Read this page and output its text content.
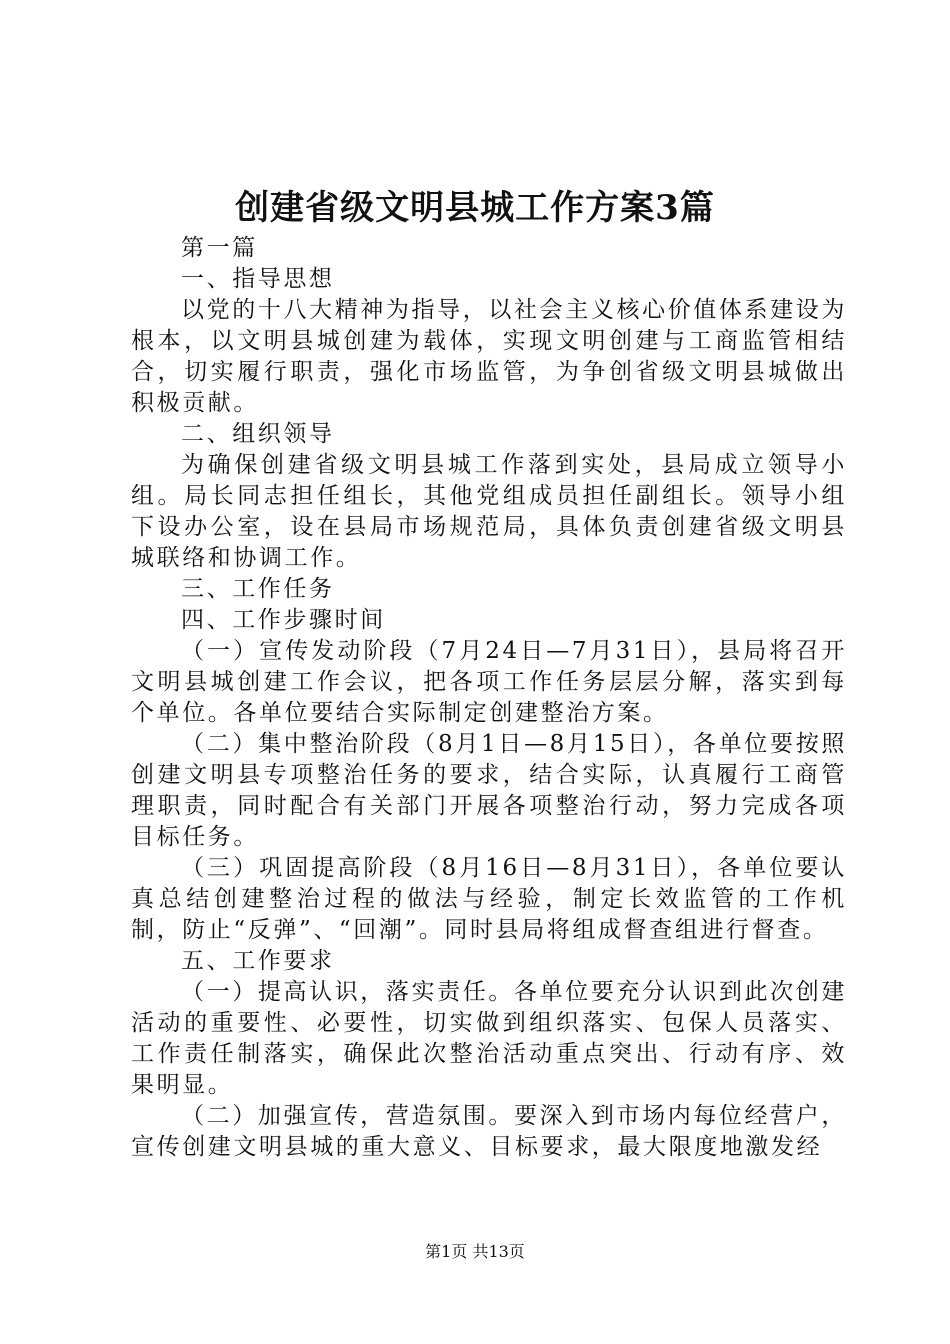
创建省级文明县城工作方案3篇

第一篇

一、指导思想

以党的十八大精神为指导，以社会主义核心价值体系建设为根本，以文明县城创建为载体，实现文明创建与工商监管相结合，切实履行职责，强化市场监管，为争创省级文明县城做出积极贡献。

二、组织领导

为确保创建省级文明县城工作落到实处，县局成立领导小组。局长同志担任组长，其他党组成员担任副组长。领导小组下设办公室，设在县局市场规范局，具体负责创建省级文明县城联络和协调工作。

三、工作任务

四、工作步骤时间

（一）宣传发动阶段（7月24日—7月31日），县局将召开文明县城创建工作会议，把各项工作任务层层分解，落实到每个单位。各单位要结合实际制定创建整治方案。

（二）集中整治阶段（8月1日—8月15日），各单位要按照创建文明县专项整治任务的要求，结合实际，认真履行工商管理职责，同时配合有关部门开展各项整治行动，努力完成各项目标任务。

（三）巩固提高阶段（8月16日—8月31日），各单位要认真总结创建整治过程的做法与经验，制定长效监管的工作机制，防止“反弹”、“回潮”。同时县局将组成督查组进行督查。

五、工作要求

（一）提高认识，落实责任。各单位要充分认识到此次创建活动的重要性、必要性，切实做到组织落实、包保人员落实、工作责任制落实，确保此次整治活动重点突出、行动有序、效果明显。

（二）加强宣传，营造氛围。要深入到市场内每位经营户，宣传创建文明县城的重大意义、目标要求，最大限度地激发经

第1页 共13页
